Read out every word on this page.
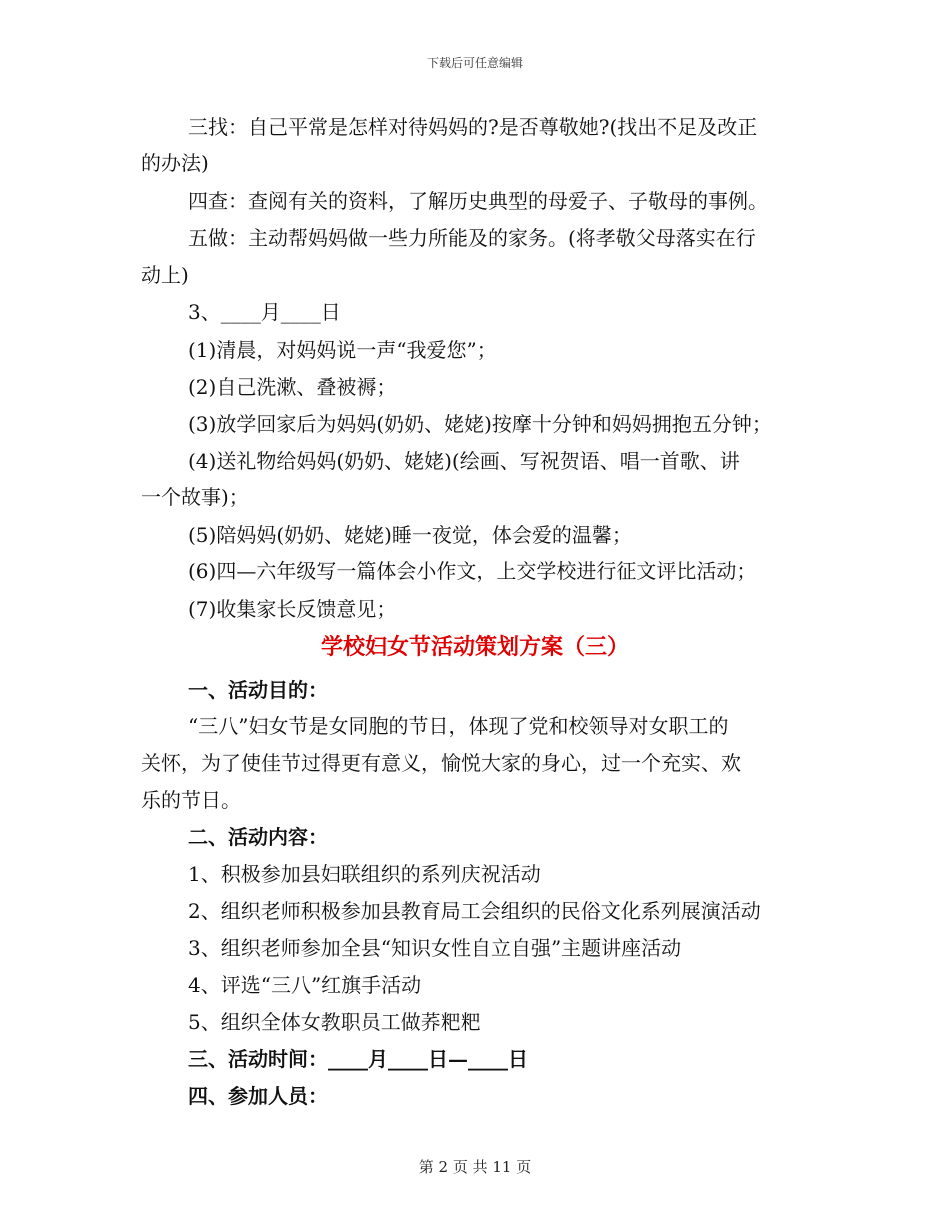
下载后可任意编辑
三找：自己平常是怎样对待妈妈的?是否尊敬她?(找出不足及改正
的办法)
四查：查阅有关的资料，了解历史典型的母爱子、子敬母的事例。
五做：主动帮妈妈做一些力所能及的家务。(将孝敬父母落实在行
动上)
3、____月____日
(1)清晨，对妈妈说一声“我爱您”；
(2)自己洗漱、叠被褥；
(3)放学回家后为妈妈(奶奶、姥姥)按摩十分钟和妈妈拥抱五分钟；
(4)送礼物给妈妈(奶奶、姥姥)(绘画、写祝贺语、唱一首歌、讲
一个故事)；
(5)陪妈妈(奶奶、姥姥)睡一夜觉，体会爱的温馨；
(6)四—六年级写一篇体会小作文，上交学校进行征文评比活动；
(7)收集家长反馈意见；
学校妇女节活动策划方案（三）
一、活动目的：
“三八”妇女节是女同胞的节日，体现了党和校领导对女职工的
关怀，为了使佳节过得更有意义，愉悦大家的身心，过一个充实、欢
乐的节日。
二、活动内容：
1、积极参加县妇联组织的系列庆祝活动
2、组织老师积极参加县教育局工会组织的民俗文化系列展演活动
3、组织老师参加全县“知识女性自立自强”主题讲座活动
4、评选“三八”红旗手活动
5、组织全体女教职员工做荞粑粑
三、活动时间：____月____日—____日
四、参加人员：
第 2 页 共 11 页
